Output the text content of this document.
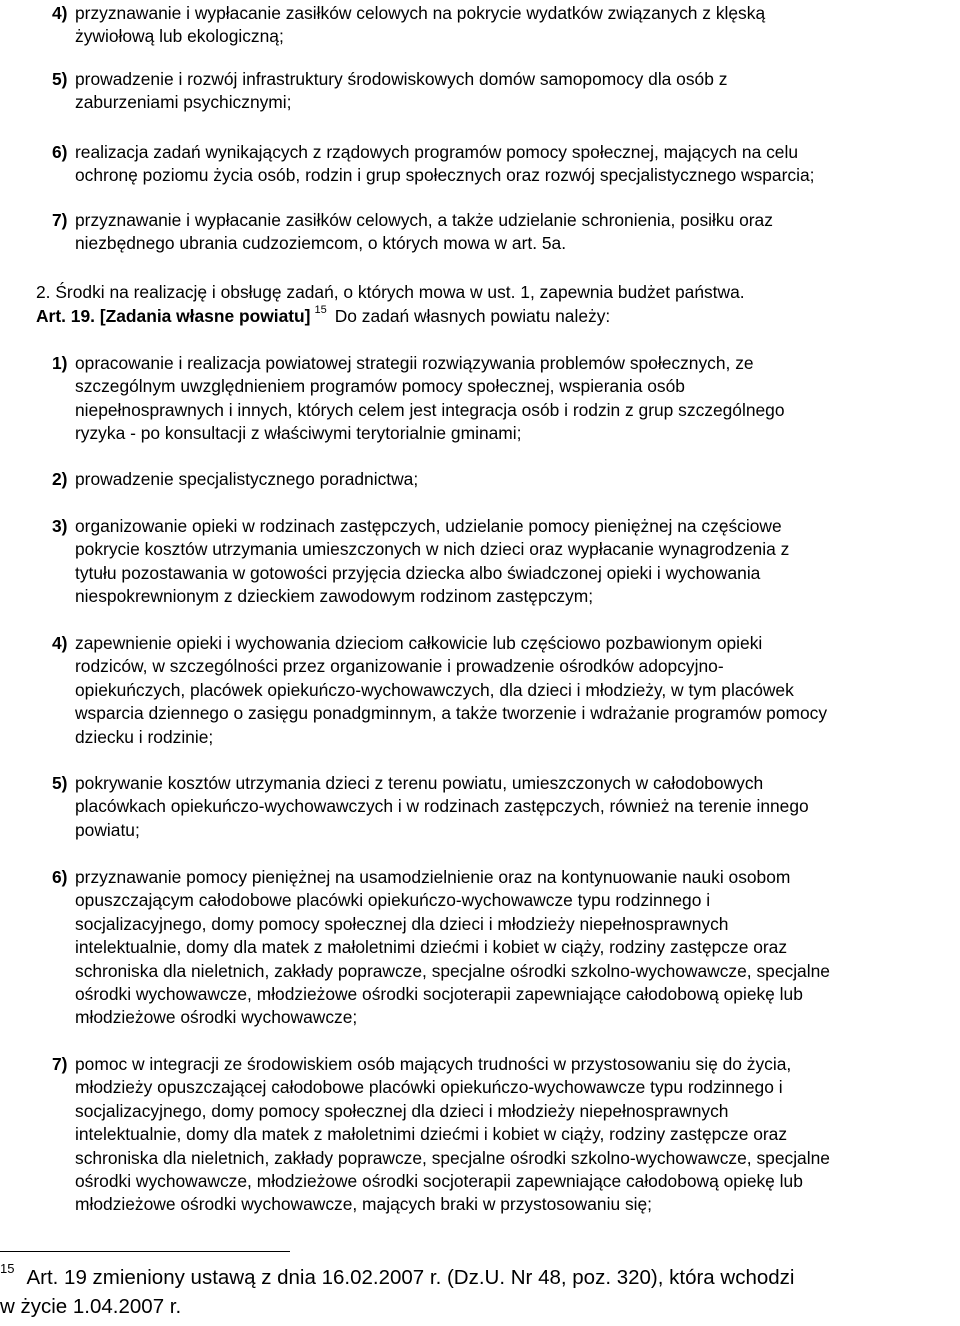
4) przyznawanie i wypłacanie zasiłków celowych na pokrycie wydatków związanych z klęską
żywiołową lub ekologiczną;
5) prowadzenie i rozwój infrastruktury środowiskowych domów samopomocy dla osób z
zaburzeniami psychicznymi;
6) realizacja zadań wynikających z rządowych programów pomocy społecznej, mających na celu
ochronę poziomu życia osób, rodzin i grup społecznych oraz rozwój specjalistycznego wsparcia;
7) przyznawanie i wypłacanie zasiłków celowych, a także udzielanie schronienia, posiłku oraz
niezbędnego ubrania cudzoziemcom, o których mowa w art. 5a.
2. Środki na realizację i obsługę zadań, o których mowa w ust. 1, zapewnia budżet państwa.
Art. 19. [Zadania własne powiatu] $^{15}$ Do zadań własnych powiatu należy:
1) opracowanie i realizacja powiatowej strategii rozwiązywania problemów społecznych, ze
szczególnym uwzględnieniem programów pomocy społecznej, wspierania osób
niepełnosprawnych i innych, których celem jest integracja osób i rodzin z grup szczególnego
ryzyka - po konsultacji z właściwymi terytorialnie gminami;
2) prowadzenie specjalistycznego poradnictwa;
3) organizowanie opieki w rodzinach zastępczych, udzielanie pomocy pieniężnej na częściowe
pokrycie kosztów utrzymania umieszczonych w nich dzieci oraz wypłacanie wynagrodzenia z
tytułu pozostawania w gotowości przyjęcia dziecka albo świadczonej opieki i wychowania
niespokrewnionym z dzieckiem zawodowym rodzinom zastępczym;
4) zapewnienie opieki i wychowania dzieciom całkowicie lub częściowo pozbawionym opieki
rodziców, w szczególności przez organizowanie i prowadzenie ośrodków adopcyjno-
opiekuńczych, placówek opiekuńczo-wychowawczych, dla dzieci i młodzieży, w tym placówek
wsparcia dziennego o zasięgu ponadgminnym, a także tworzenie i wdrażanie programów pomocy
dziecku i rodzinie;
5) pokrywanie kosztów utrzymania dzieci z terenu powiatu, umieszczonych w całodobowych
placówkach opiekuńczo-wychowawczych i w rodzinach zastępczych, również na terenie innego
powiatu;
6) przyznawanie pomocy pieniężnej na usamodzielnienie oraz na kontynuowanie nauki osobom
opuszczającym całodobowe placówki opiekuńczo-wychowawcze typu rodzinnego i
socjalizacyjnego, domy pomocy społecznej dla dzieci i młodzieży niepełnosprawnych
intelektualnie, domy dla matek z małoletnimi dziećmi i kobiet w ciąży, rodziny zastępcze oraz
schroniska dla nieletnich, zakłady poprawcze, specjalne ośrodki szkolno-wychowawcze, specjalne
ośrodki wychowawcze, młodzieżowe ośrodki socjoterapii zapewniające całodobową opiekę lub
młodzieżowe ośrodki wychowawcze;
7) pomoc w integracji ze środowiskiem osób mających trudności w przystosowaniu się do życia,
młodzieży opuszczającej całodobowe placówki opiekuńczo-wychowawcze typu rodzinnego i
socjalizacyjnego, domy pomocy społecznej dla dzieci i młodzieży niepełnosprawnych
intelektualnie, domy dla matek z małoletnimi dziećmi i kobiet w ciąży, rodziny zastępcze oraz
schroniska dla nieletnich, zakłady poprawcze, specjalne ośrodki szkolno-wychowawcze, specjalne
ośrodki wychowawcze, młodzieżowe ośrodki socjoterapii zapewniające całodobową opiekę lub
młodzieżowe ośrodki wychowawcze, mających braki w przystosowaniu się;
$^{15}$ Art. 19 zmieniony ustawą z dnia 16.02.2007 r. (Dz.U. Nr 48, poz. 320), która wchodzi
w życie 1.04.2007 r.
